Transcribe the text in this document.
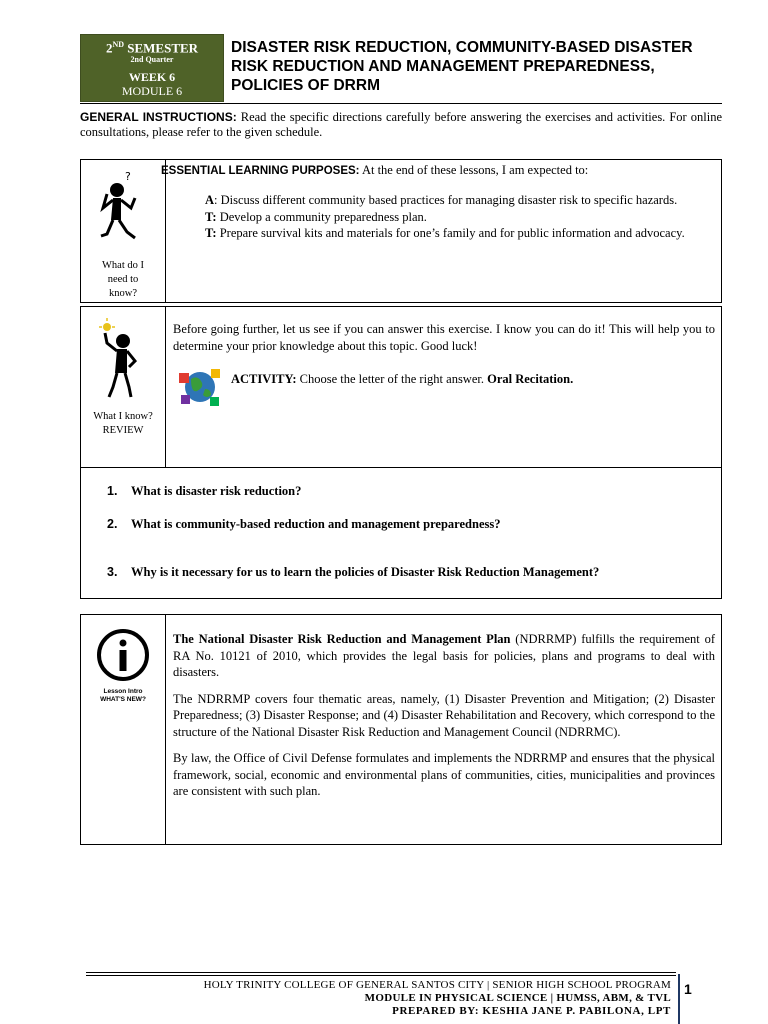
2ND SEMESTER
2nd Quarter
WEEK 6
MODULE 6
DISASTER RISK REDUCTION, COMMUNITY-BASED DISASTER RISK REDUCTION AND MANAGEMENT PREPAREDNESS, POLICIES OF DRRM
GENERAL INSTRUCTIONS: Read the specific directions carefully before answering the exercises and activities. For online consultations, please refer to the given schedule.
?
What do I need to know?
ESSENTIAL LEARNING PURPOSES: At the end of these lessons, I am expected to:

A: Discuss different community based practices for managing disaster risk to specific hazards.

T: Develop a community preparedness plan.

T: Prepare survival kits and materials for one’s family and for public information and advocacy.

What I know?
REVIEW
Before going further, let us see if you can answer this exercise. I know you can do it! This will help you to determine your prior knowledge about this topic. Good luck!
ACTIVITY: Choose the letter of the right answer. Oral Recitation.
1. What is disaster risk reduction?
2. What is community-based reduction and management preparedness?
3. Why is it necessary for us to learn the policies of Disaster Risk Reduction Management?
Lesson Intro
WHAT'S NEW?

The National Disaster Risk Reduction and Management Plan (NDRRMP) fulfills the requirement of RA No. 10121 of 2010, which provides the legal basis for policies, plans and programs to deal with disasters.

The NDRRMP covers four thematic areas, namely, (1) Disaster Prevention and Mitigation; (2) Disaster Preparedness; (3) Disaster Response; and (4) Disaster Rehabilitation and Recovery, which correspond to the structure of the National Disaster Risk Reduction and Management Council (NDRRMC).

By law, the Office of Civil Defense formulates and implements the NDRRMP and ensures that the physical framework, social, economic and environmental plans of communities, cities, municipalities and provinces are consistent with such plan.

HOLY TRINITY COLLEGE OF GENERAL SANTOS CITY | SENIOR HIGH SCHOOL PROGRAM
MODULE IN PHYSICAL SCIENCE | HUMSS, ABM, & TVL
PREPARED BY: KESHIA JANE P. PABILONA, LPT
1
